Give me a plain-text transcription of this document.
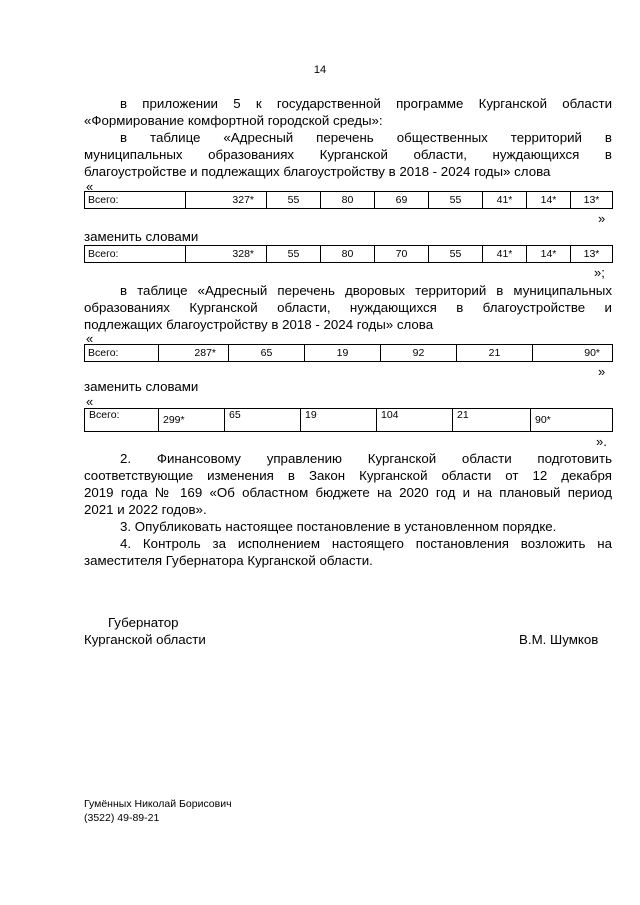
14
в приложении 5 к государственной программе Курганской области
«Формирование комфортной городской среды»:
в таблице «Адресный перечень общественных территорий в
муниципальных образованиях Курганской области, нуждающихся в
благоустройстве и подлежащих благоустройству в 2018 - 2024 годы» слова
«
Всего:	327*	55	80	69	55	41*	14*	13*
»
заменить словами
Всего:	328*	55	80	70	55	41*	14*	13*
»;
в таблице «Адресный перечень дворовых территорий в муниципальных
образованиях Курганской области, нуждающихся в благоустройстве и
подлежащих благоустройству в 2018 - 2024 годы» слова
«
Всего:	287*	65	19	92	21	90*
»
заменить словами
«
Всего:	299*	65	19	104	21	90*
».
2. Финансовому управлению Курганской области подготовить
соответствующие изменения в Закон Курганской области от 12 декабря
2019 года № 169 «Об областном бюджете на 2020 год и на плановый период
2021 и 2022 годов».
3. Опубликовать настоящее постановление в установленном порядке.
4. Контроль за исполнением настоящего постановления возложить на
заместителя Губернатора Курганской области.
Губернатор
Курганской области	В.М. Шумков
Гумённых Николай Борисович
(3522) 49-89-21
